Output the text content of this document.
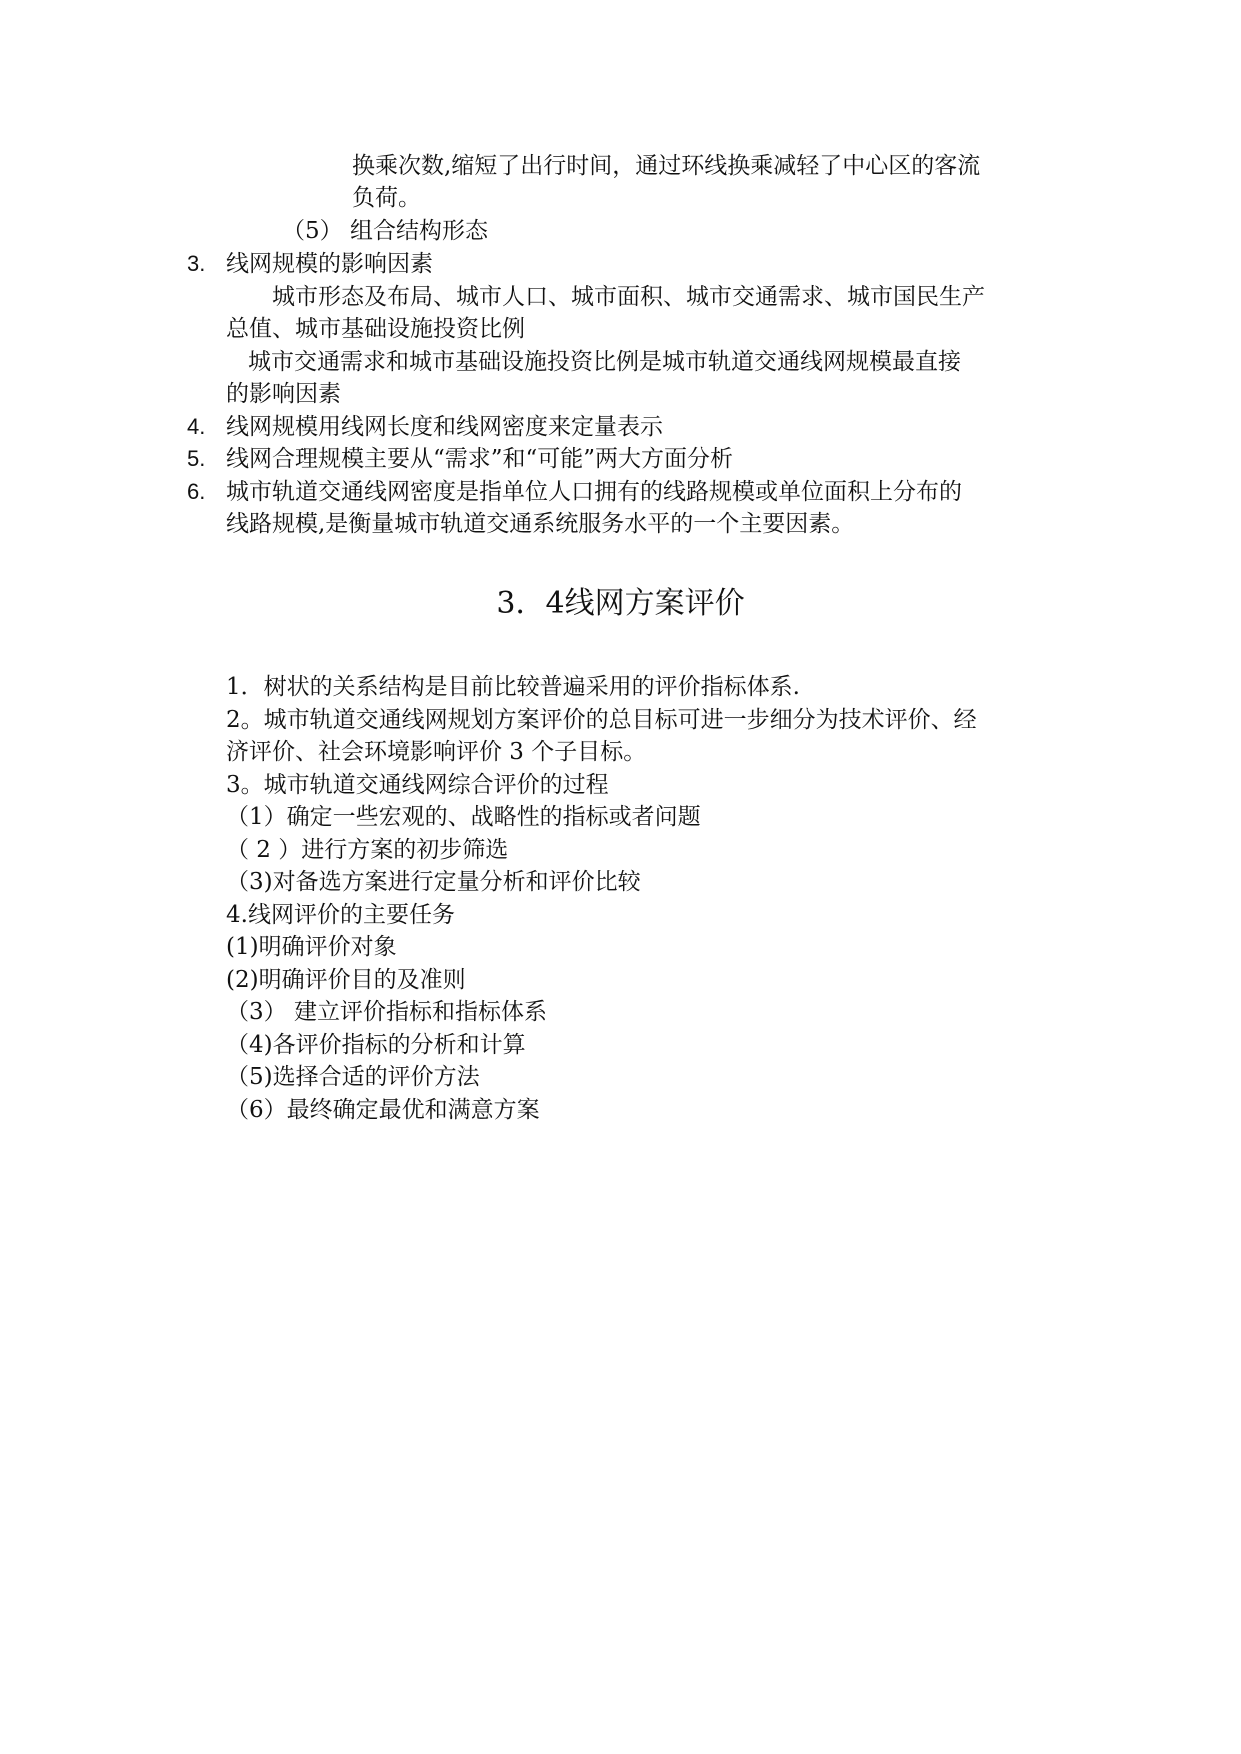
换乘次数,缩短了出行时间，通过环线换乘减轻了中心区的客流
负荷。
（5） 组合结构形态
3. 线网规模的影响因素
城市形态及布局、城市人口、城市面积、城市交通需求、城市国民生产
总值、城市基础设施投资比例
城市交通需求和城市基础设施投资比例是城市轨道交通线网规模最直接
的影响因素
4. 线网规模用线网长度和线网密度来定量表示
5. 线网合理规模主要从“需求”和“可能”两大方面分析
6. 城市轨道交通线网密度是指单位人口拥有的线路规模或单位面积上分布的
线路规模,是衡量城市轨道交通系统服务水平的一个主要因素。
3．4线网方案评价
1．树状的关系结构是目前比较普遍采用的评价指标体系.
2。城市轨道交通线网规划方案评价的总目标可进一步细分为技术评价、经
济评价、社会环境影响评价 3 个子目标。
3。城市轨道交通线网综合评价的过程
（1）确定一些宏观的、战略性的指标或者问题
（ 2 ）进行方案的初步筛选
（3)对备选方案进行定量分析和评价比较
4.线网评价的主要任务
(1)明确评价对象
(2)明确评价目的及准则
（3） 建立评价指标和指标体系
（4)各评价指标的分析和计算
（5)选择合适的评价方法
（6）最终确定最优和满意方案
